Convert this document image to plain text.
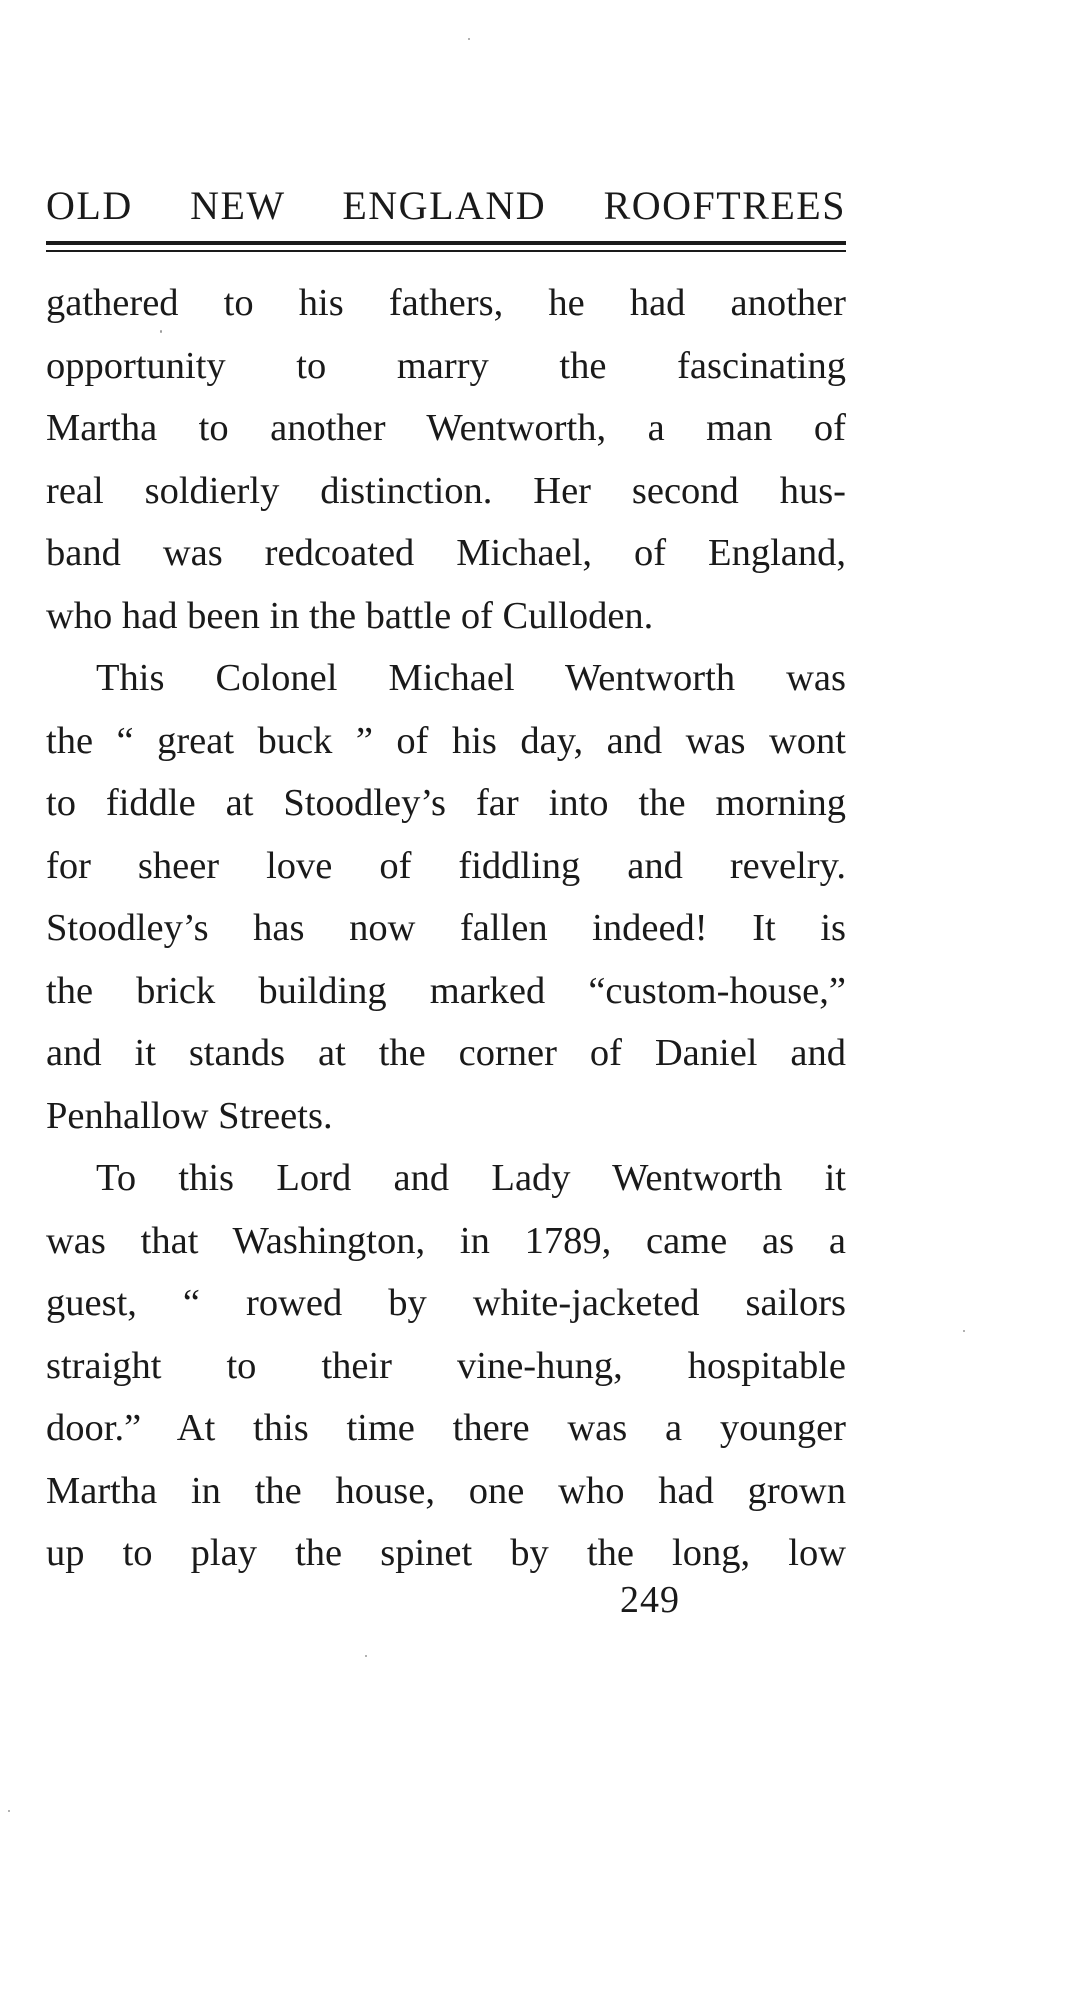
OLD NEW ENGLAND ROOFTREES
gathered to his fathers, he had another
opportunity to marry the fascinating
Martha to another Wentworth, a man of
real soldierly distinction. Her second hus-
band was redcoated Michael, of England,
who had been in the battle of Culloden.
This Colonel Michael Wentworth was
the “ great buck ” of his day, and was wont
to fiddle at Stoodley’s far into the morning
for sheer love of fiddling and revelry.
Stoodley’s has now fallen indeed! It is
the brick building marked “custom-house,”
and it stands at the corner of Daniel and
Penhallow Streets.
To this Lord and Lady Wentworth it
was that Washington, in 1789, came as a
guest, “ rowed by white-jacketed sailors
straight to their vine-hung, hospitable
door.” At this time there was a younger
Martha in the house, one who had grown
up to play the spinet by the long, low
249
